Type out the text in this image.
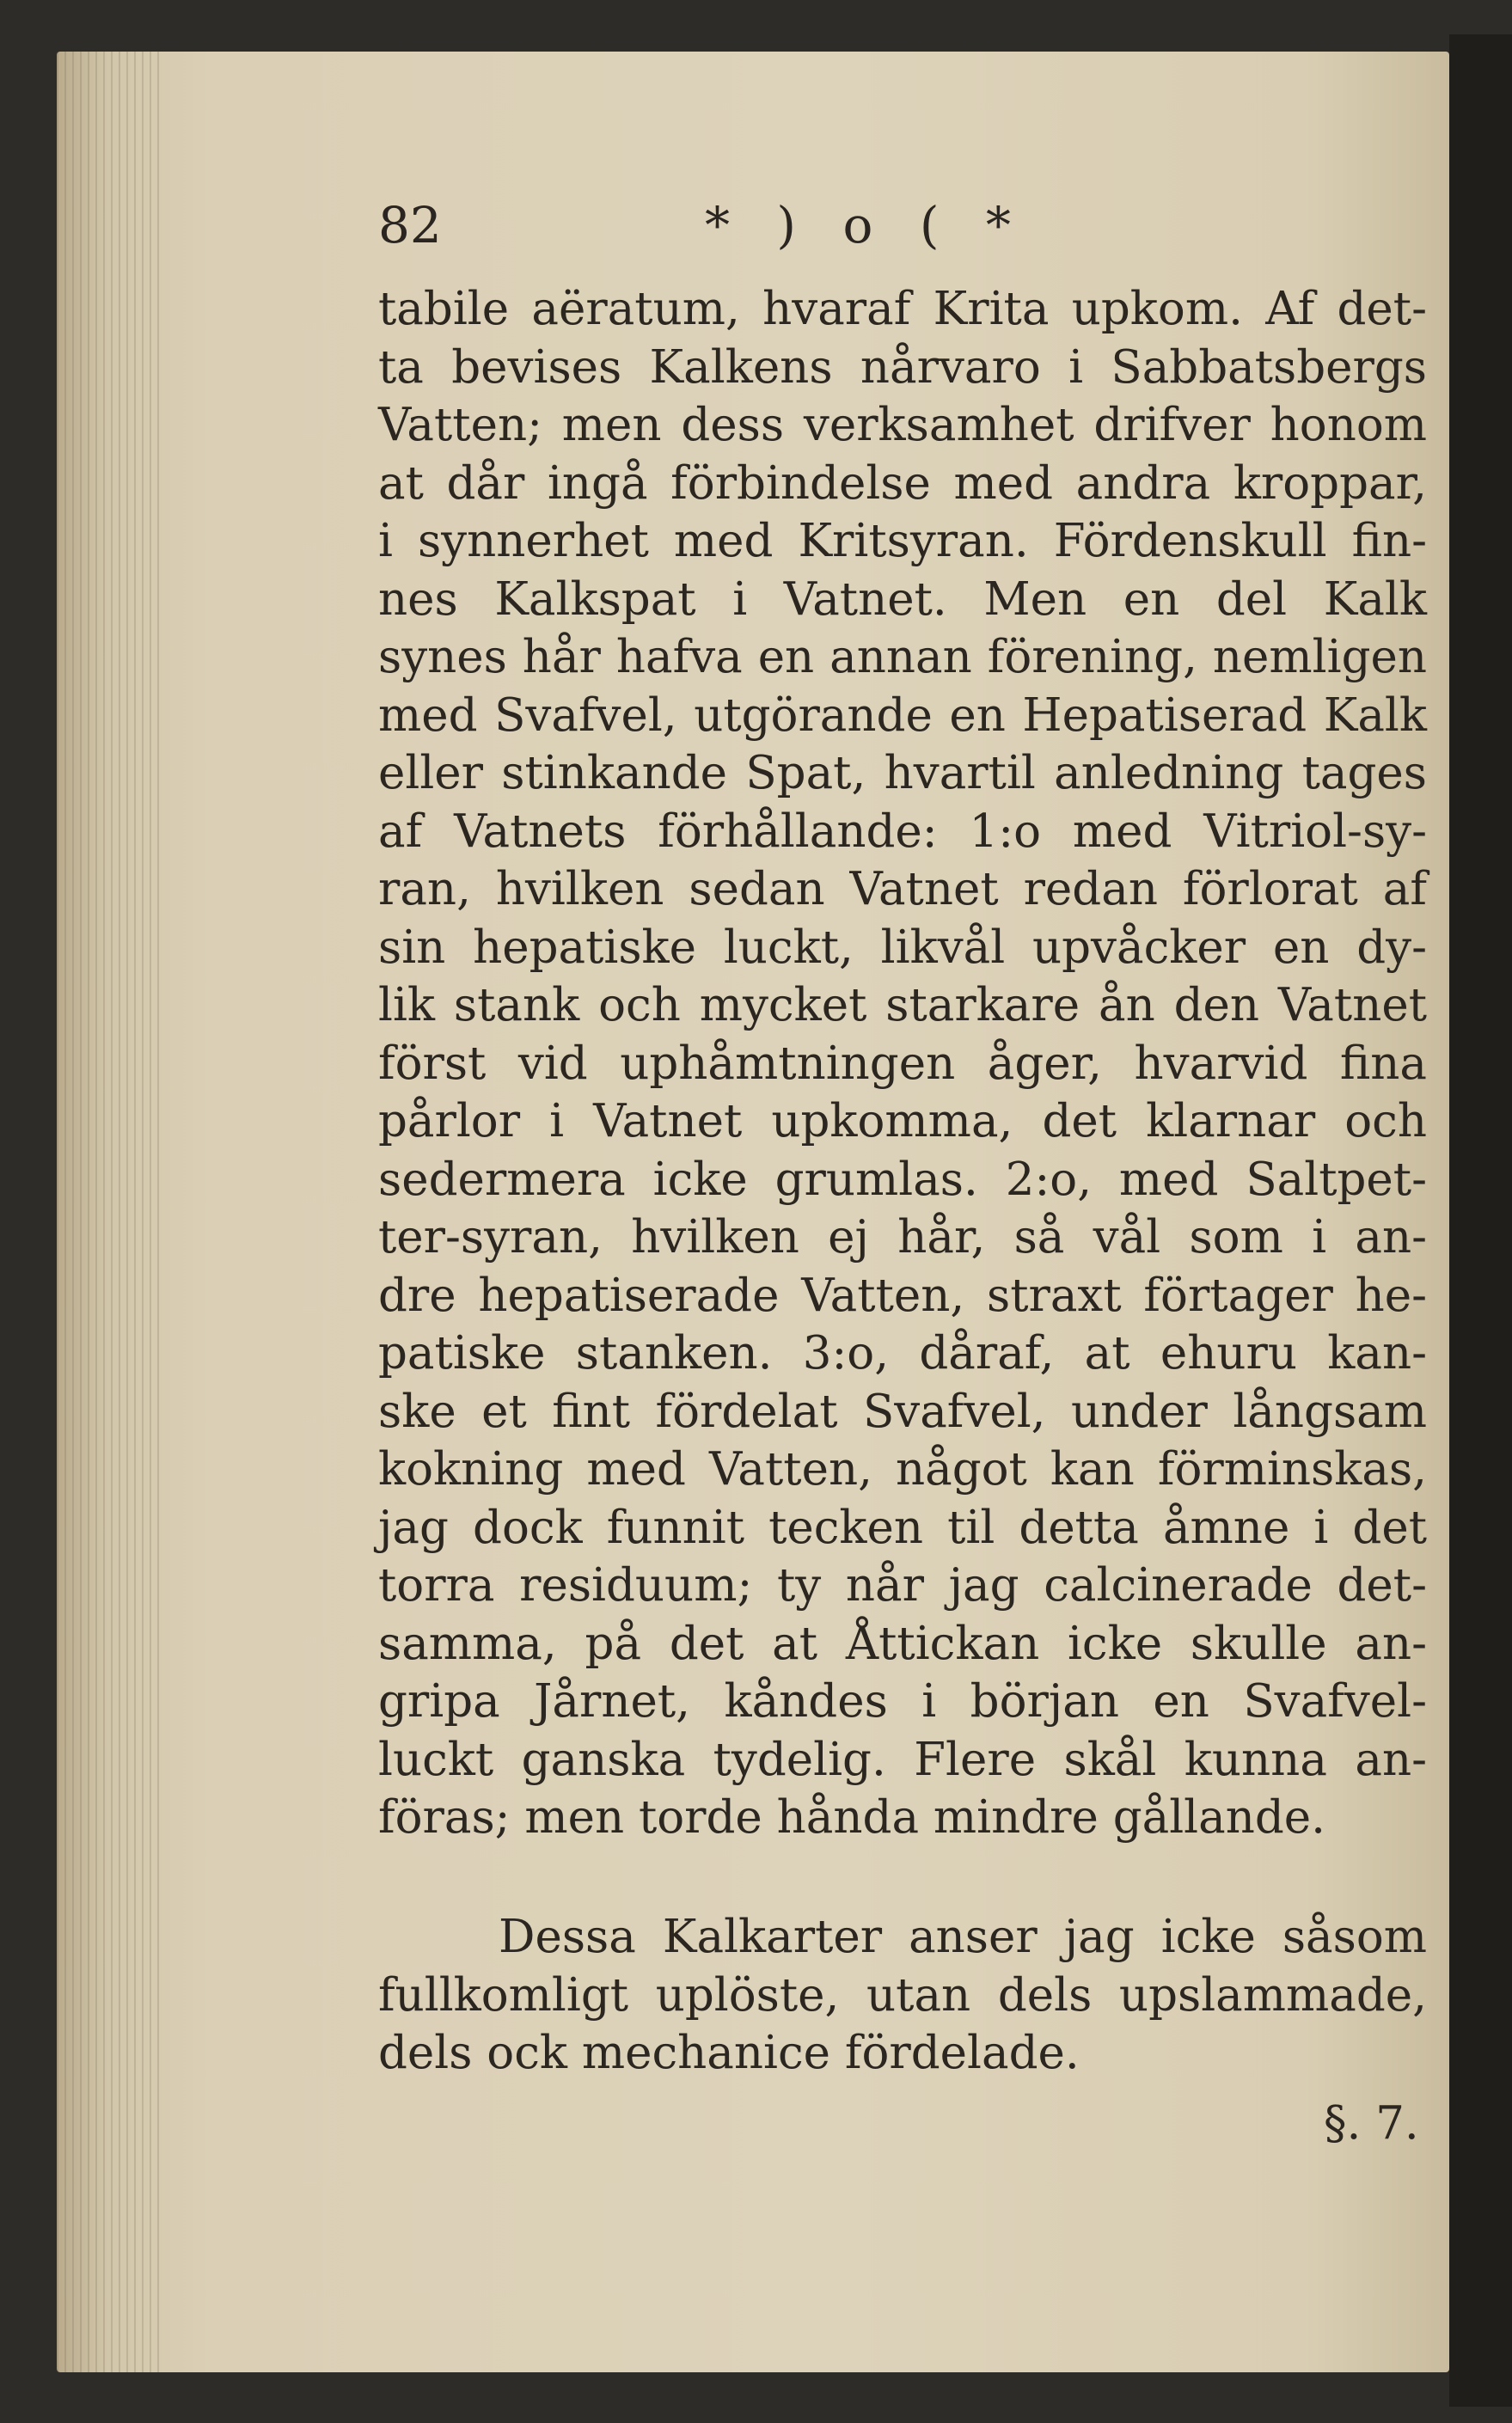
82	* ) o ( *
tabile aëratum, hvaraf Krita upkom. Af det-
ta bevises Kalkens nårvaro i Sabbatsbergs
Vatten; men dess verksamhet drifver honom
at dår ingå förbindelse med andra kroppar,
i synnerhet med Kritsyran. Fördenskull fin-
nes Kalkspat i Vatnet. Men en del Kalk
synes hår hafva en annan förening, nemligen
med Svafvel, utgörande en Hepatiserad Kalk
eller stinkande Spat, hvartil anledning tages
af Vatnets förhållande: 1:o med Vitriol-sy-
ran, hvilken sedan Vatnet redan förlorat af
sin hepatiske luckt, likvål upvåcker en dy-
lik stank och mycket starkare ån den Vatnet
först vid uphåmtningen åger, hvarvid fina
pårlor i Vatnet upkomma, det klarnar och
sedermera icke grumlas. 2:o, med Saltpet-
ter-syran, hvilken ej hår, så vål som i an-
dre hepatiserade Vatten, straxt förtager he-
patiske stanken. 3:o, dåraf, at ehuru kan-
ske et fint fördelat Svafvel, under långsam
kokning med Vatten, något kan förminskas,
jag dock funnit tecken til detta åmne i det
torra residuum; ty når jag calcinerade det-
samma, på det at Åttickan icke skulle an-
gripa Jårnet, kåndes i början en Svafvel-
luckt ganska tydelig. Flere skål kunna an-
föras; men torde hånda mindre gållande.
Dessa Kalkarter anser jag icke såsom
fullkomligt uplöste, utan dels upslammade,
dels ock mechanice fördelade.
§. 7.
